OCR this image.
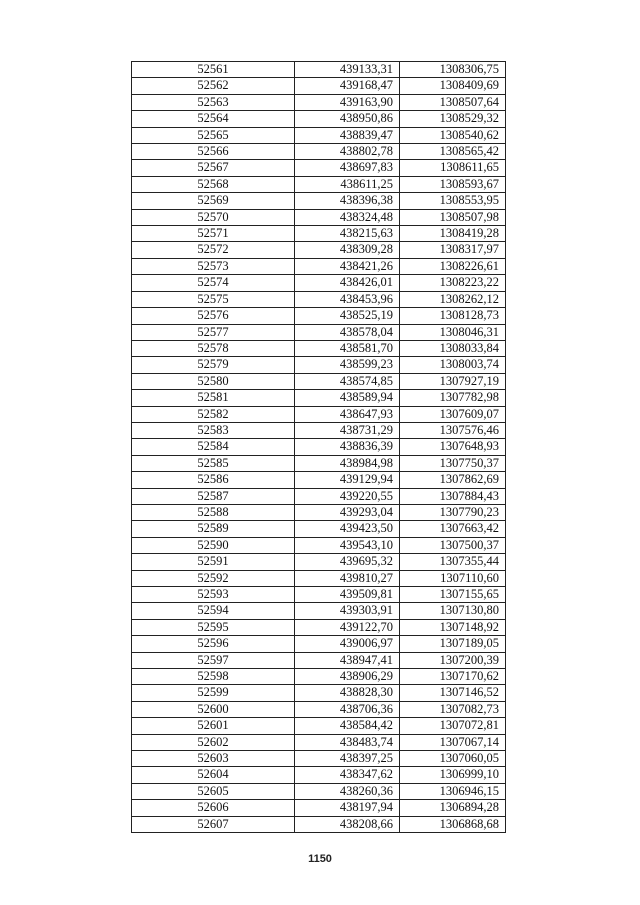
52561	439133,31	1308306,75
52562	439168,47	1308409,69
52563	439163,90	1308507,64
52564	438950,86	1308529,32
52565	438839,47	1308540,62
52566	438802,78	1308565,42
52567	438697,83	1308611,65
52568	438611,25	1308593,67
52569	438396,38	1308553,95
52570	438324,48	1308507,98
52571	438215,63	1308419,28
52572	438309,28	1308317,97
52573	438421,26	1308226,61
52574	438426,01	1308223,22
52575	438453,96	1308262,12
52576	438525,19	1308128,73
52577	438578,04	1308046,31
52578	438581,70	1308033,84
52579	438599,23	1308003,74
52580	438574,85	1307927,19
52581	438589,94	1307782,98
52582	438647,93	1307609,07
52583	438731,29	1307576,46
52584	438836,39	1307648,93
52585	438984,98	1307750,37
52586	439129,94	1307862,69
52587	439220,55	1307884,43
52588	439293,04	1307790,23
52589	439423,50	1307663,42
52590	439543,10	1307500,37
52591	439695,32	1307355,44
52592	439810,27	1307110,60
52593	439509,81	1307155,65
52594	439303,91	1307130,80
52595	439122,70	1307148,92
52596	439006,97	1307189,05
52597	438947,41	1307200,39
52598	438906,29	1307170,62
52599	438828,30	1307146,52
52600	438706,36	1307082,73
52601	438584,42	1307072,81
52602	438483,74	1307067,14
52603	438397,25	1307060,05
52604	438347,62	1306999,10
52605	438260,36	1306946,15
52606	438197,94	1306894,28
52607	438208,66	1306868,68
1150
